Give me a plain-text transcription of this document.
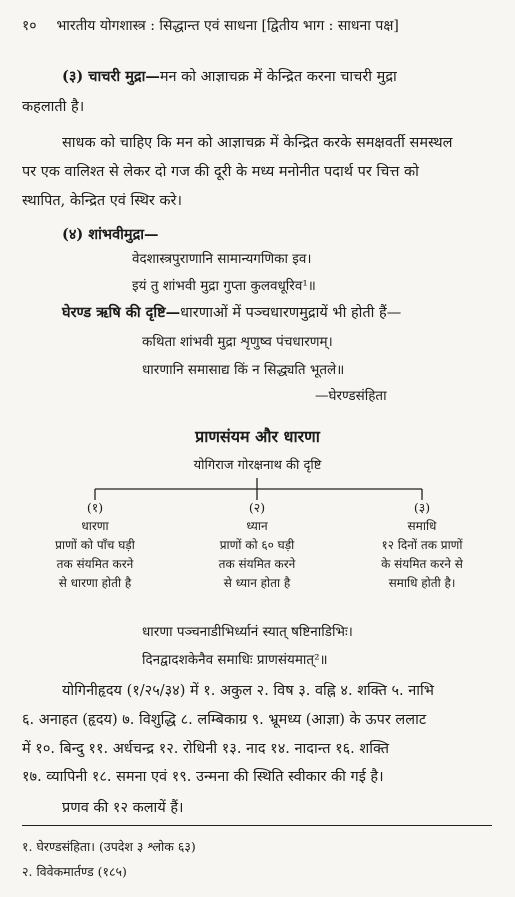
१० भारतीय योगशास्त्र : सिद्धान्त एवं साधना [द्वितीय भाग : साधना पक्ष]
(३) चाचरी मुद्रा—मन को आज्ञाचक्र में केन्द्रित करना चाचरी मुद्रा
कहलाती है।
साधक को चाहिए कि मन को आज्ञाचक्र में केन्द्रित करके समक्षवर्ती समस्थल
पर एक वालिश्त से लेकर दो गज की दूरी के मध्य मनोनीत पदार्थ पर चित्त को
स्थापित, केन्द्रित एवं स्थिर करे।
(४) शांभवीमुद्रा—
वेदशास्त्रपुराणानि सामान्यगणिका इव।
इयं तु शांभवी मुद्रा गुप्ता कुलवधूरिव¹॥
घेरण्ड ऋषि की दृष्टि—धारणाओं में पञ्चधारणमुद्रायें भी होती हैं—
कथिता शांभवी मुद्रा शृणुष्व पंचधारणम्।
धारणानि समासाद्य किं न सिद्ध्यति भूतले॥
—घेरण्डसंहिता
प्राणसंयम और धारणा
योगिराज गोरक्षनाथ की दृष्टि
(१)
धारणा
प्राणों को पाँच घड़ी
तक संयमित करने
से धारणा होती है
(२)
ध्यान
प्राणों को ६० घड़ी
तक संयमित करने
से ध्यान होता है
(३)
समाधि
१२ दिनों तक प्राणों
के संयमित करने से
समाधि होती है।
धारणा पञ्चनाडीभिर्ध्यानं स्यात् षष्टिनाडिभिः।
दिनद्वादशकेनैव समाधिः प्राणसंयमात्²॥
योगिनीहृदय (१/२५/३४) में १. अकुल २. विष ३. वह्नि ४. शक्ति ५. नाभि
६. अनाहत (हृदय) ७. विशुद्धि ८. लम्बिकाग्र ९. भ्रूमध्य (आज्ञा) के ऊपर ललाट
में १०. बिन्दु ११. अर्धचन्द्र १२. रोधिनी १३. नाद १४. नादान्त १६. शक्ति
१७. व्यापिनी १८. समना एवं १९. उन्मना की स्थिति स्वीकार की गई है।
प्रणव की १२ कलायें हैं।
१. घेरण्डसंहिता। (उपदेश ३ श्लोक ६३)
२. विवेकमार्तण्ड (१८५)
